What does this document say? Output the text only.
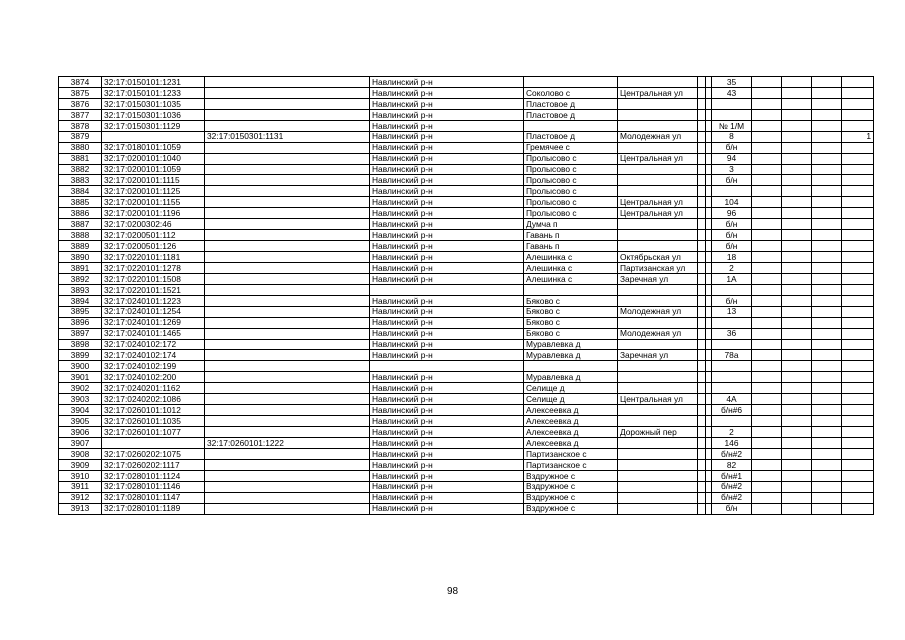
3874	32:17:0150101:1231		Навлинский р-н					35				
3875	32:17:0150101:1233		Навлинский р-н	Соколово с	Центральная ул			43				
3876	32:17:0150301:1035		Навлинский р-н	Пластовое д								
3877	32:17:0150301:1036		Навлинский р-н	Пластовое д								
3878	32:17:0150301:1129		Навлинский р-н					№ 1/М				
3879		32:17:0150301:1131	Навлинский р-н	Пластовое д	Молодежная ул			8				1
3880	32:17:0180101:1059		Навлинский р-н	Гремячее с				б/н				
3881	32:17:0200101:1040		Навлинский р-н	Пролысово с	Центральная ул			94				
3882	32:17:0200101:1059		Навлинский р-н	Пролысово с				3				
3883	32:17:0200101:1115		Навлинский р-н	Пролысово с				б/н				
3884	32:17:0200101:1125		Навлинский р-н	Пролысово с								
3885	32:17:0200101:1155		Навлинский р-н	Пролысово с	Центральная ул			104				
3886	32:17:0200101:1196		Навлинский р-н	Пролысово с	Центральная ул			96				
3887	32:17:0200302:46		Навлинский р-н	Думча п				б/н				
3888	32:17:0200501:112		Навлинский р-н	Гавань п				б/н				
3889	32:17:0200501:126		Навлинский р-н	Гавань п				б/н				
3890	32:17:0220101:1181		Навлинский р-н	Алешинка с	Октябрьская ул			18				
3891	32:17:0220101:1278		Навлинский р-н	Алешинка с	Партизанская ул			2				
3892	32:17:0220101:1508		Навлинский р-н	Алешинка с	Заречная ул			1А				
3893	32:17:0220101:1521											
3894	32:17:0240101:1223		Навлинский р-н	Бяково с				б/н				
3895	32:17:0240101:1254		Навлинский р-н	Бяково с	Молодежная ул			13				
3896	32:17:0240101:1269		Навлинский р-н	Бяково с								
3897	32:17:0240101:1465		Навлинский р-н	Бяково с	Молодежная ул			36				
3898	32:17:0240102:172		Навлинский р-н	Муравлевка д								
3899	32:17:0240102:174		Навлинский р-н	Муравлевка д	Заречная ул			78а				
3900	32:17:0240102:199											
3901	32:17:0240102:200		Навлинский р-н	Муравлевка д								
3902	32:17:0240201:1162		Навлинский р-н	Селище д								
3903	32:17:0240202:1086		Навлинский р-н	Селище д	Центральная ул			4А				
3904	32:17:0260101:1012		Навлинский р-н	Алексеевка д				б/н#6				
3905	32:17:0260101:1035		Навлинский р-н	Алексеевка д								
3906	32:17:0260101:1077		Навлинский р-н	Алексеевка д	Дорожный пер			2				
3907		32:17:0260101:1222	Навлинский р-н	Алексеевка д				146				
3908	32:17:0260202:1075		Навлинский р-н	Партизанское с				б/н#2				
3909	32:17:0260202:1117		Навлинский р-н	Партизанское с				82				
3910	32:17:0280101:1124		Навлинский р-н	Вздружное с				б/н#1				
3911	32:17:0280101:1146		Навлинский р-н	Вздружное с				б/н#2				
3912	32:17:0280101:1147		Навлинский р-н	Вздружное с				б/н#2				
3913	32:17:0280101:1189		Навлинский р-н	Вздружное с				б/н				
98
